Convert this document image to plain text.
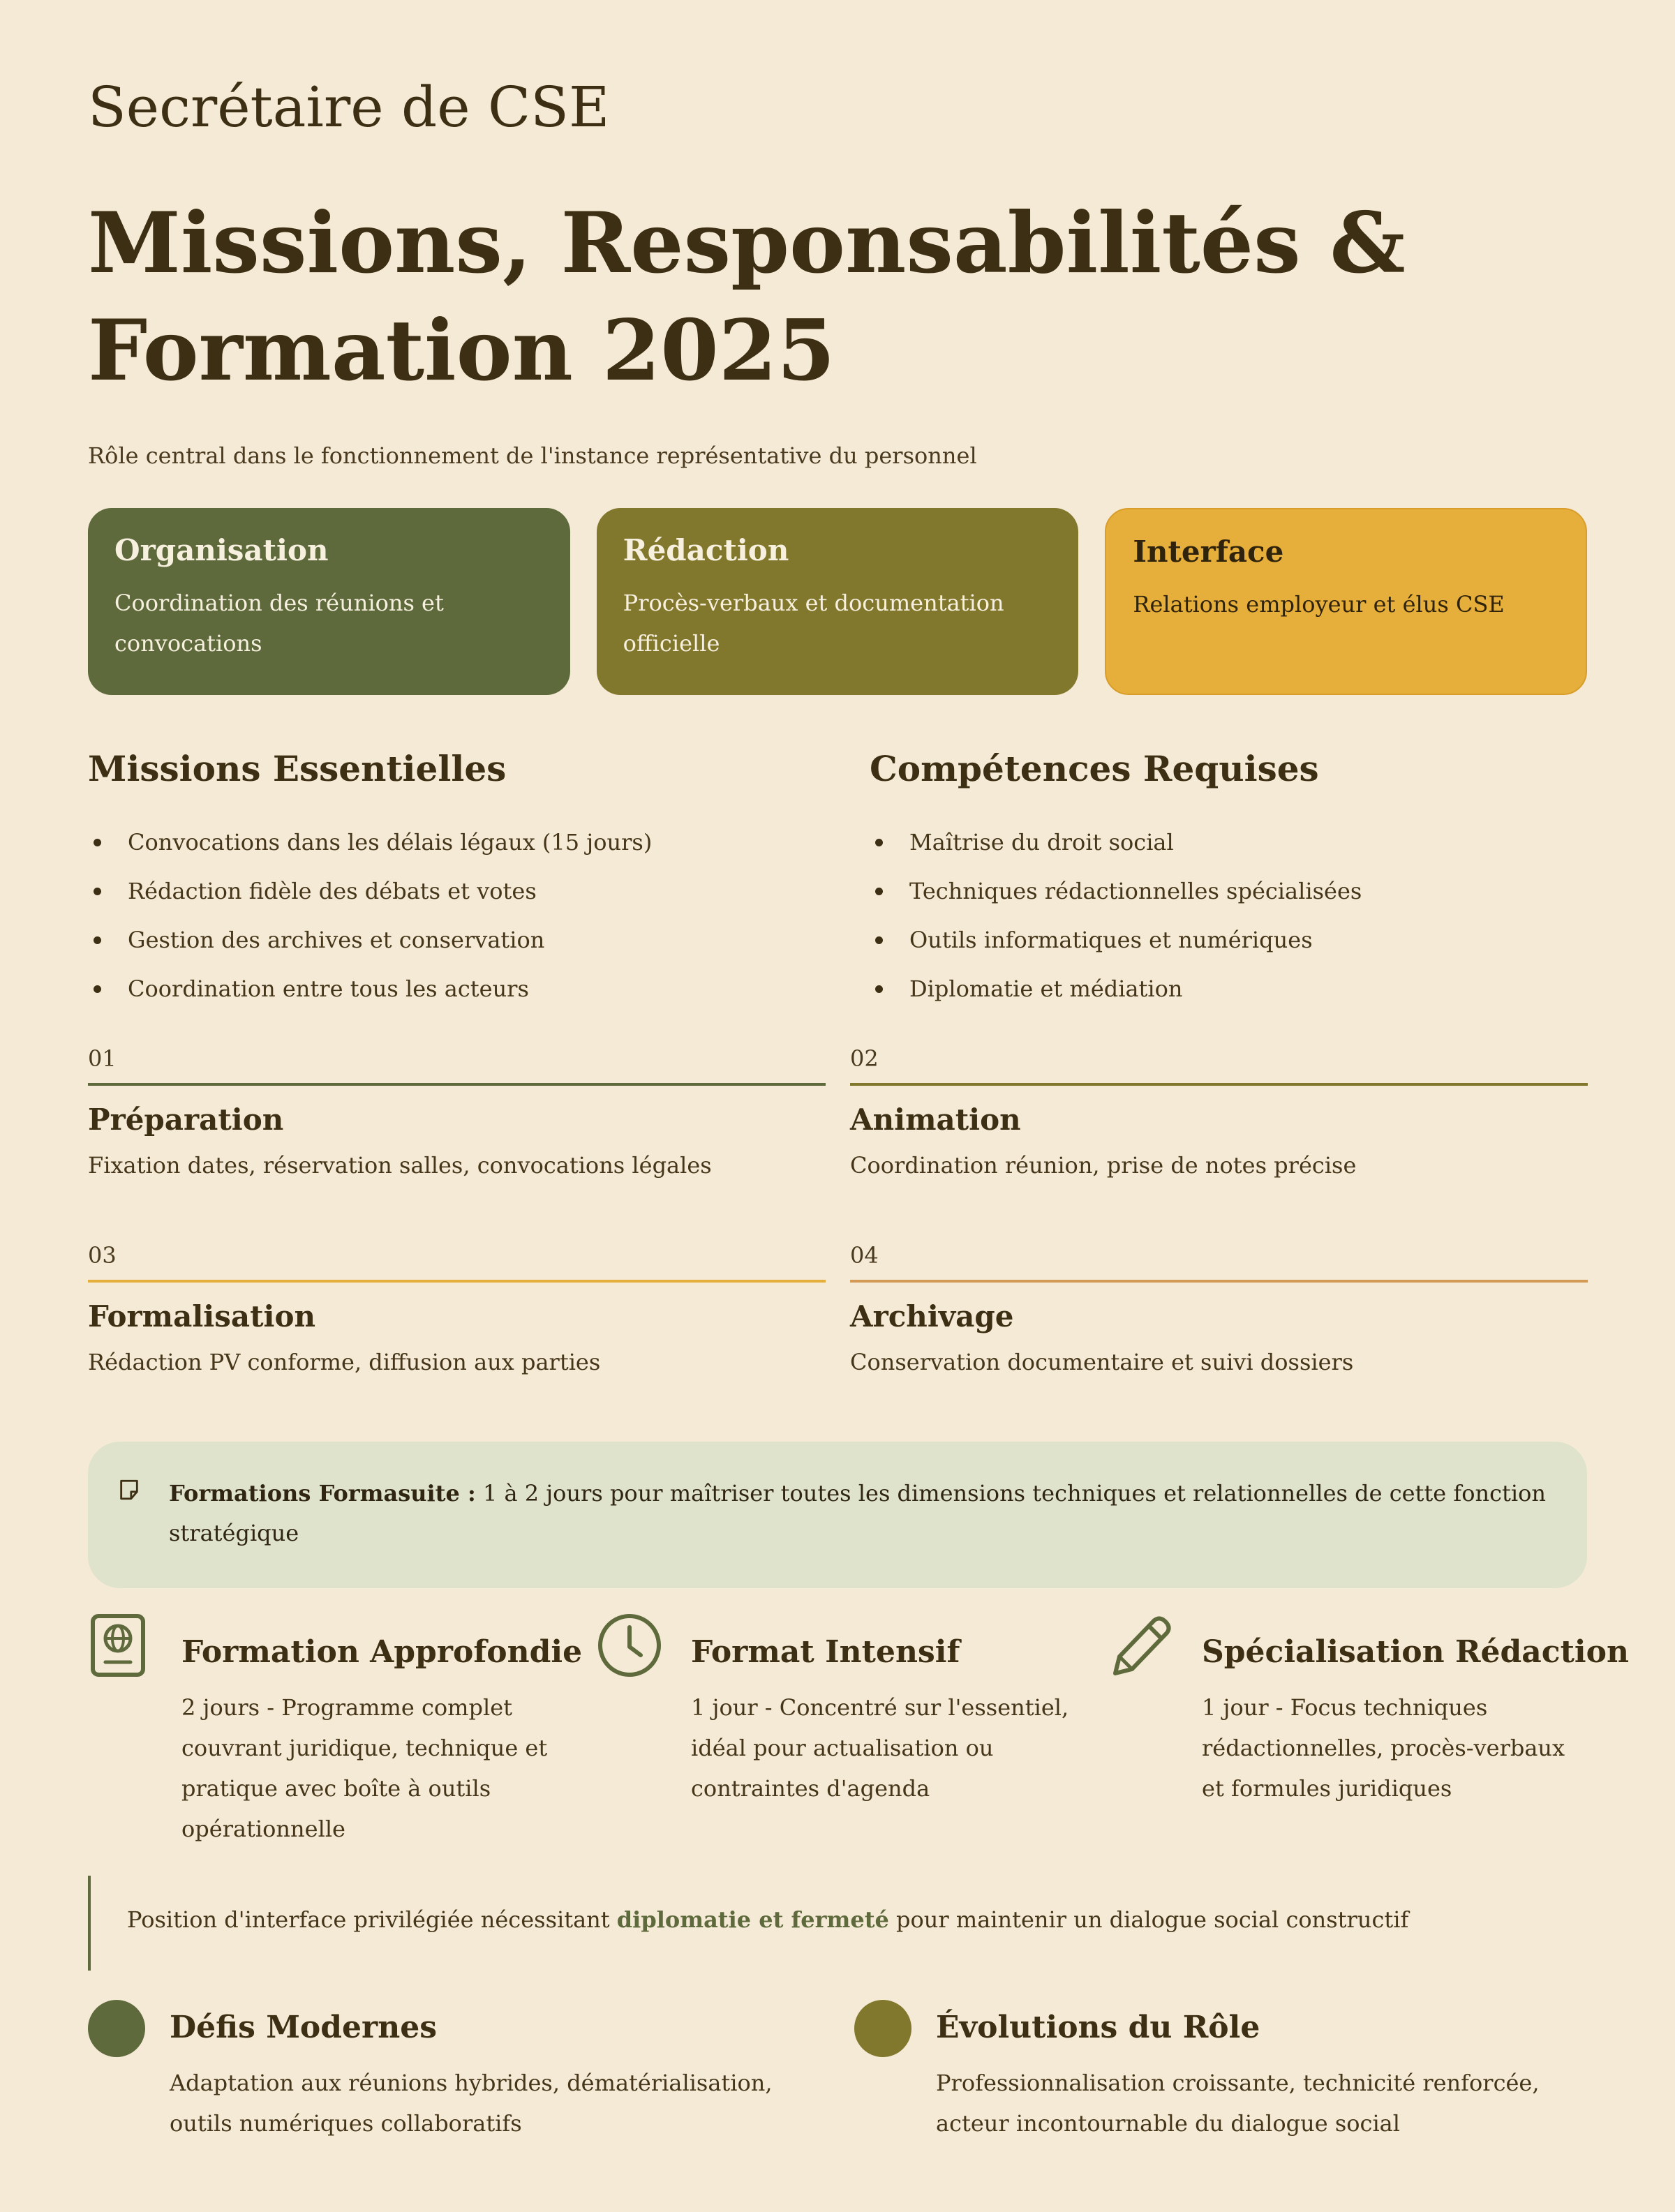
Secrétaire de CSE
Missions, Responsabilités & Formation 2025

Rôle central dans le fonctionnement de l'instance représentative du personnel

Organisation

Coordination des réunions et convocations

Rédaction

Procès-verbaux et documentation officielle

Interface

Relations employeur et élus CSE

Missions Essentielles
Convocations dans les délais légaux (15 jours)
Rédaction fidèle des débats et votes
Gestion des archives et conservation
Coordination entre tous les acteurs
Compétences Requises
Maîtrise du droit social
Techniques rédactionnelles spécialisées
Outils informatiques et numériques
Diplomatie et médiation
01
Préparation

Fixation dates, réservation salles, convocations légales

02
Animation

Coordination réunion, prise de notes précise

03
Formalisation

Rédaction PV conforme, diffusion aux parties

04
Archivage

Conservation documentaire et suivi dossiers

Formations Formasuite : 1 à 2 jours pour maîtriser toutes les dimensions techniques et relationnelles de cette fonction stratégique
Formation Approfondie

2 jours - Programme complet couvrant juridique, technique et pratique avec boîte à outils opérationnelle

Format Intensif

1 jour - Concentré sur l'essentiel, idéal pour actualisation ou contraintes d'agenda

Spécialisation Rédaction

1 jour - Focus techniques rédactionnelles, procès-verbaux et formules juridiques

Position d'interface privilégiée nécessitant diplomatie et fermeté pour maintenir un dialogue social constructif
Défis Modernes

Adaptation aux réunions hybrides, dématérialisation, outils numériques collaboratifs

Évolutions du Rôle

Professionnalisation croissante, technicité renforcée, acteur incontournable du dialogue social
